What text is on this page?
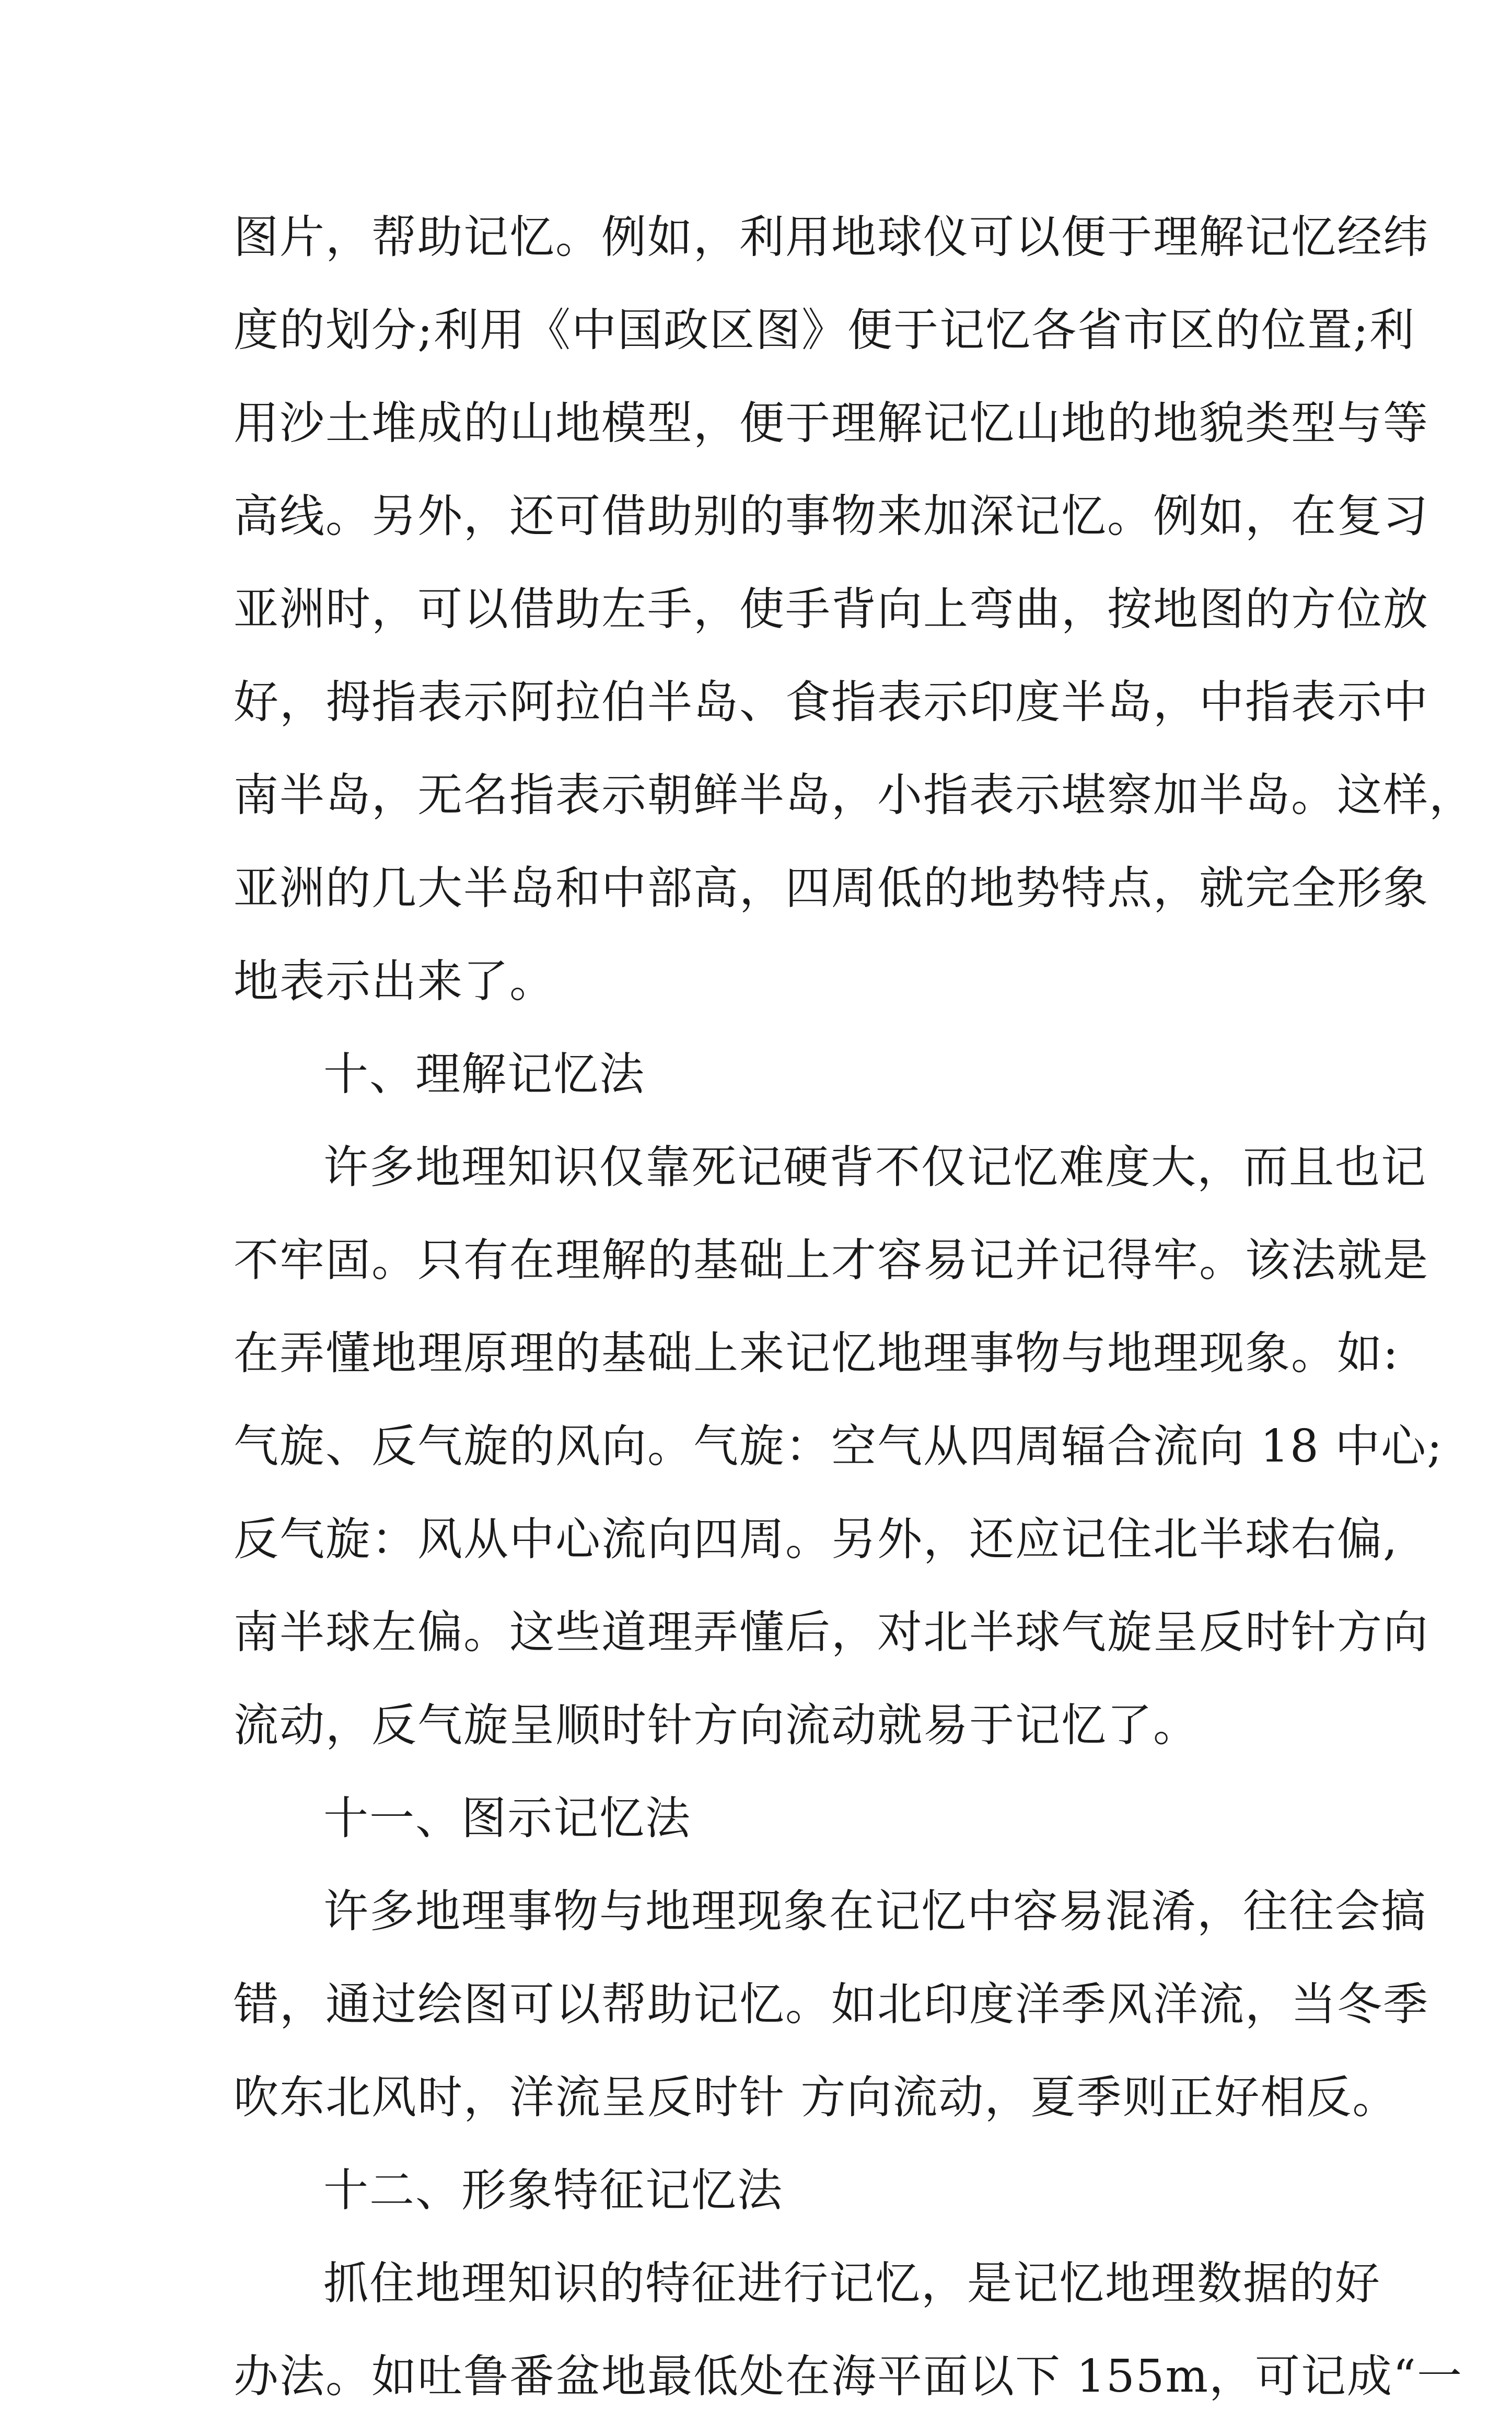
图片，帮助记忆。例如，利用地球仪可以便于理解记忆经纬
度的划分;利用《中国政区图》便于记忆各省市区的位置;利
用沙土堆成的山地模型，便于理解记忆山地的地貌类型与等
高线。另外，还可借助别的事物来加深记忆。例如，在复习
亚洲时，可以借助左手，使手背向上弯曲，按地图的方位放
好，拇指表示阿拉伯半岛、食指表示印度半岛，中指表示中
南半岛，无名指表示朝鲜半岛，小指表示堪察加半岛。这样，
亚洲的几大半岛和中部高，四周低的地势特点，就完全形象
地表示出来了。
十、理解记忆法
许多地理知识仅靠死记硬背不仅记忆难度大，而且也记
不牢固。只有在理解的基础上才容易记并记得牢。该法就是
在弄懂地理原理的基础上来记忆地理事物与地理现象。如:
气旋、反气旋的风向。气旋：空气从四周辐合流向 18 中心;
反气旋：风从中心流向四周。另外，还应记住北半球右偏,
南半球左偏。这些道理弄懂后，对北半球气旋呈反时针方向
流动，反气旋呈顺时针方向流动就易于记忆了。
十一、图示记忆法
许多地理事物与地理现象在记忆中容易混淆，往往会搞
错，通过绘图可以帮助记忆。如北印度洋季风洋流，当冬季
吹东北风时，洋流呈反时针 方向流动，夏季则正好相反。
十二、形象特征记忆法
抓住地理知识的特征进行记忆，是记忆地理数据的好
办法。如吐鲁番盆地最低处在海平面以下 155m，可记成“一
